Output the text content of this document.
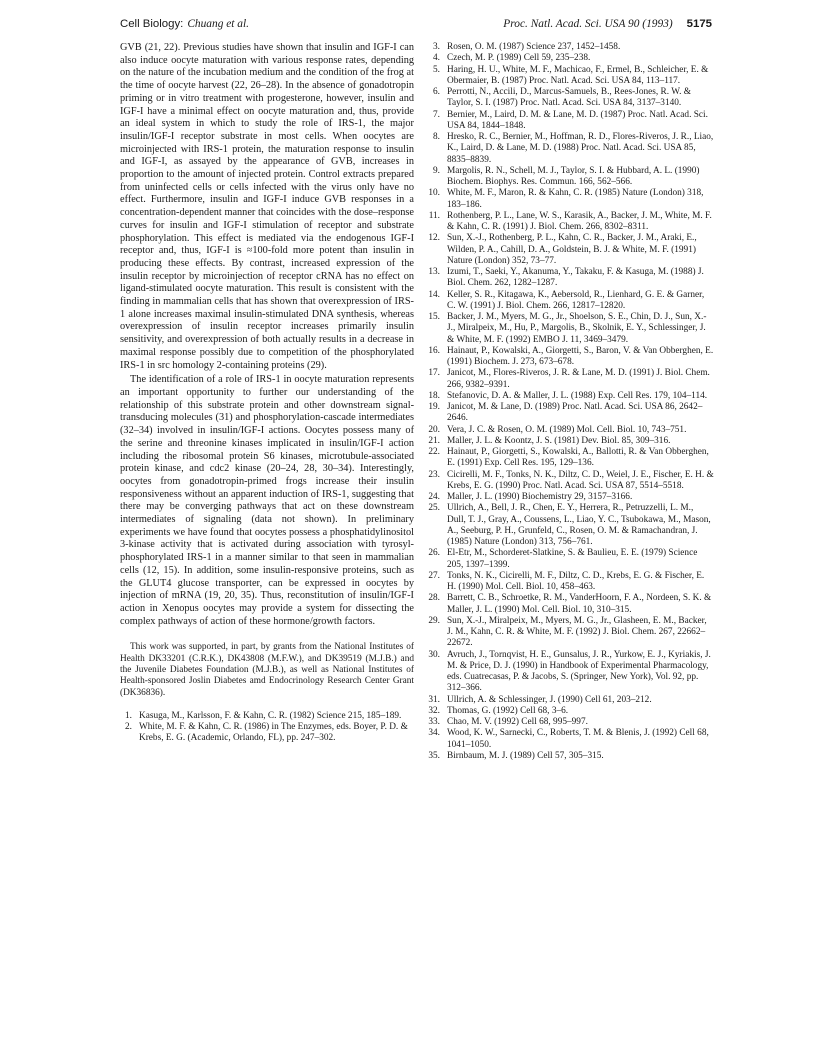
Cell Biology: Chuang et al.	Proc. Natl. Acad. Sci. USA 90 (1993) 5175

GVB (21, 22). Previous studies have shown that insulin and IGF-I can also induce oocyte maturation with various response rates, depending on the nature of the incubation medium and the condition of the frog at the time of oocyte harvest (22, 26–28). In the absence of gonadotropin priming or in vitro treatment with progesterone, however, insulin and IGF-I have a minimal effect on oocyte maturation and, thus, provide an ideal system in which to study the role of IRS-1, the major insulin/IGF-I receptor substrate in most cells. When oocytes are microinjected with IRS-1 protein, the maturation response to insulin and IGF-I, as assayed by the appearance of GVB, increases in proportion to the amount of injected protein. Control extracts prepared from uninfected cells or cells infected with the virus only have no effect. Furthermore, insulin and IGF-I induce GVB responses in a concentration-dependent manner that coincides with the dose–response curves for insulin and IGF-I stimulation of receptor and substrate phosphorylation. This effect is mediated via the endogenous IGF-I receptor and, thus, IGF-I is ≈100-fold more potent than insulin in producing these effects. By contrast, increased expression of the insulin receptor by microinjection of receptor cRNA has no effect on ligand-stimulated oocyte maturation. This result is consistent with the finding in mammalian cells that has shown that overexpression of IRS-1 alone increases maximal insulin-stimulated DNA synthesis, whereas overexpression of insulin receptor increases primarily insulin sensitivity, and overexpression of both actually results in a decrease in maximal response possibly due to competition of the phosphorylated IRS-1 in src homology 2-containing proteins (29).

The identification of a role of IRS-1 in oocyte maturation represents an important opportunity to further our understanding of the relationship of this substrate protein and other downstream signal-transducing molecules (31) and phosphorylation-cascade intermediates (32–34) involved in insulin/IGF-I actions. Oocytes possess many of the serine and threonine kinases implicated in insulin/IGF-I action including the ribosomal protein S6 kinases, microtubule-associated protein kinase, and cdc2 kinase (20–24, 28, 30–34). Interestingly, oocytes from gonadotropin-primed frogs increase their insulin responsiveness without an apparent induction of IRS-1, suggesting that there may be converging pathways that act on these downstream intermediates of signaling (data not shown). In preliminary experiments we have found that oocytes possess a phosphatidylinositol 3-kinase activity that is activated during association with tyrosyl-phosphorylated IRS-1 in a manner similar to that seen in mammalian cells (12, 15). In addition, some insulin-responsive proteins, such as the GLUT4 glucose transporter, can be expressed in oocytes by injection of mRNA (19, 20, 35). Thus, reconstitution of insulin/IGF-I action in Xenopus oocytes may provide a system for dissecting the complex pathways of action of these hormone/growth factors.

This work was supported, in part, by grants from the National Institutes of Health DK33201 (C.R.K.), DK43808 (M.F.W.), and DK39519 (M.J.B.) and the Juvenile Diabetes Foundation (M.J.B.), as well as National Institutes of Health-sponsored Joslin Diabetes amd Endocrinology Research Center Grant (DK36836).

1. Kasuga, M., Karlsson, F. & Kahn, C. R. (1982) Science 215, 185–189.
2. White, M. F. & Kahn, C. R. (1986) in The Enzymes, eds. Boyer, P. D. & Krebs, E. G. (Academic, Orlando, FL), pp. 247–302.
3. Rosen, O. M. (1987) Science 237, 1452–1458.
4. Czech, M. P. (1989) Cell 59, 235–238.
5. Haring, H. U., White, M. F., Machicao, F., Ermel, B., Schleicher, E. & Obermaier, B. (1987) Proc. Natl. Acad. Sci. USA 84, 113–117.
6. Perrotti, N., Accili, D., Marcus-Samuels, B., Rees-Jones, R. W. & Taylor, S. I. (1987) Proc. Natl. Acad. Sci. USA 84, 3137–3140.
7. Bernier, M., Laird, D. M. & Lane, M. D. (1987) Proc. Natl. Acad. Sci. USA 84, 1844–1848.
8. Hresko, R. C., Bernier, M., Hoffman, R. D., Flores-Riveros, J. R., Liao, K., Laird, D. & Lane, M. D. (1988) Proc. Natl. Acad. Sci. USA 85, 8835–8839.
9. Margolis, R. N., Schell, M. J., Taylor, S. I. & Hubbard, A. L. (1990) Biochem. Biophys. Res. Commun. 166, 562–566.
10. White, M. F., Maron, R. & Kahn, C. R. (1985) Nature (London) 318, 183–186.
11. Rothenberg, P. L., Lane, W. S., Karasik, A., Backer, J. M., White, M. F. & Kahn, C. R. (1991) J. Biol. Chem. 266, 8302–8311.
12. Sun, X.-J., Rothenberg, P. L., Kahn, C. R., Backer, J. M., Araki, E., Wilden, P. A., Cahill, D. A., Goldstein, B. J. & White, M. F. (1991) Nature (London) 352, 73–77.
13. Izumi, T., Saeki, Y., Akanuma, Y., Takaku, F. & Kasuga, M. (1988) J. Biol. Chem. 262, 1282–1287.
14. Keller, S. R., Kitagawa, K., Aebersold, R., Lienhard, G. E. & Garner, C. W. (1991) J. Biol. Chem. 266, 12817–12820.
15. Backer, J. M., Myers, M. G., Jr., Shoelson, S. E., Chin, D. J., Sun, X.-J., Miralpeix, M., Hu, P., Margolis, B., Skolnik, E. Y., Schlessinger, J. & White, M. F. (1992) EMBO J. 11, 3469–3479.
16. Hainaut, P., Kowalski, A., Giorgetti, S., Baron, V. & Van Obberghen, E. (1991) Biochem. J. 273, 673–678.
17. Janicot, M., Flores-Riveros, J. R. & Lane, M. D. (1991) J. Biol. Chem. 266, 9382–9391.
18. Stefanovic, D. A. & Maller, J. L. (1988) Exp. Cell Res. 179, 104–114.
19. Janicot, M. & Lane, D. (1989) Proc. Natl. Acad. Sci. USA 86, 2642–2646.
20. Vera, J. C. & Rosen, O. M. (1989) Mol. Cell. Biol. 10, 743–751.
21. Maller, J. L. & Koontz, J. S. (1981) Dev. Biol. 85, 309–316.
22. Hainaut, P., Giorgetti, S., Kowalski, A., Ballotti, R. & Van Obberghen, E. (1991) Exp. Cell Res. 195, 129–136.
23. Cicirelli, M. F., Tonks, N. K., Diltz, C. D., Weiel, J. E., Fischer, E. H. & Krebs, E. G. (1990) Proc. Natl. Acad. Sci. USA 87, 5514–5518.
24. Maller, J. L. (1990) Biochemistry 29, 3157–3166.
25. Ullrich, A., Bell, J. R., Chen, E. Y., Herrera, R., Petruzzelli, L. M., Dull, T. J., Gray, A., Coussens, L., Liao, Y. C., Tsubokawa, M., Mason, A., Seeburg, P. H., Grunfeld, C., Rosen, O. M. & Ramachandran, J. (1985) Nature (London) 313, 756–761.
26. El-Etr, M., Schorderet-Slatkine, S. & Baulieu, E. E. (1979) Science 205, 1397–1399.
27. Tonks, N. K., Cicirelli, M. F., Diltz, C. D., Krebs, E. G. & Fischer, E. H. (1990) Mol. Cell. Biol. 10, 458–463.
28. Barrett, C. B., Schroetke, R. M., VanderHoorn, F. A., Nordeen, S. K. & Maller, J. L. (1990) Mol. Cell. Biol. 10, 310–315.
29. Sun, X.-J., Miralpeix, M., Myers, M. G., Jr., Glasheen, E. M., Backer, J. M., Kahn, C. R. & White, M. F. (1992) J. Biol. Chem. 267, 22662–22672.
30. Avruch, J., Tornqvist, H. E., Gunsalus, J. R., Yurkow, E. J., Kyriakis, J. M. & Price, D. J. (1990) in Handbook of Experimental Pharmacology, eds. Cuatrecasas, P. & Jacobs, S. (Springer, New York), Vol. 92, pp. 312–366.
31. Ullrich, A. & Schlessinger, J. (1990) Cell 61, 203–212.
32. Thomas, G. (1992) Cell 68, 3–6.
33. Chao, M. V. (1992) Cell 68, 995–997.
34. Wood, K. W., Sarnecki, C., Roberts, T. M. & Blenis, J. (1992) Cell 68, 1041–1050.
35. Birnbaum, M. J. (1989) Cell 57, 305–315.
